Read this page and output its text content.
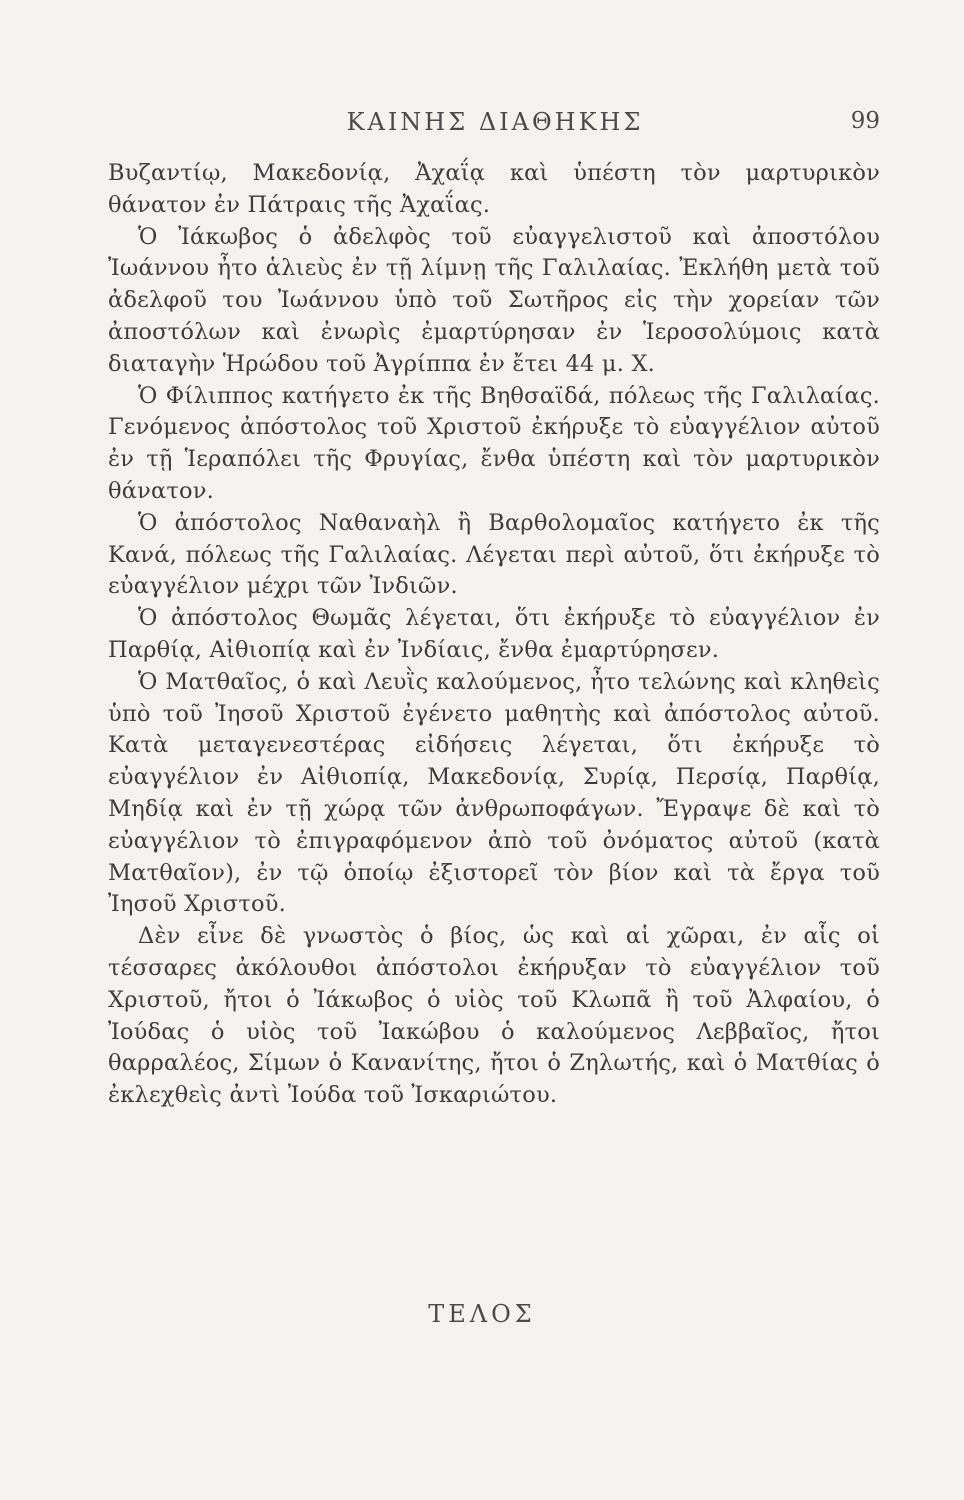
ΚΑΙΝΗΣ ΔΙΑΘΗΚΗΣ	99

Βυζαντίῳ, Μακεδονίᾳ, Ἀχαΐᾳ καὶ ὑπέστη τὸν μαρτυρικὸν θάνατον ἐν Πάτραις τῆς Ἀχαΐας.

Ὁ Ἰάκωβος ὁ ἀδελφὸς τοῦ εὐαγγελιστοῦ καὶ ἀποστόλου Ἰωάννου ἦτο ἁλιεὺς ἐν τῇ λίμνῃ τῆς Γαλιλαίας. Ἐκλήθη μετὰ τοῦ ἀδελφοῦ του Ἰωάννου ὑπὸ τοῦ Σωτῆρος εἰς τὴν χορείαν τῶν ἀποστόλων καὶ ἐνωρὶς ἐμαρτύρησαν ἐν Ἱεροσολύμοις κατὰ διαταγὴν Ἡρώδου τοῦ Ἀγρίππα ἐν ἔτει 44 μ. Χ.

Ὁ Φίλιππος κατήγετο ἐκ τῆς Βηθσαϊδά, πόλεως τῆς Γαλιλαίας. Γενόμενος ἀπόστολος τοῦ Χριστοῦ ἐκήρυξε τὸ εὐαγγέλιον αὐτοῦ ἐν τῇ Ἱεραπόλει τῆς Φρυγίας, ἔνθα ὑπέστη καὶ τὸν μαρτυρικὸν θάνατον.

Ὁ ἀπόστολος Ναθαναὴλ ἢ Βαρθολομαῖος κατήγετο ἐκ τῆς Κανά, πόλεως τῆς Γαλιλαίας. Λέγεται περὶ αὐτοῦ, ὅτι ἐκήρυξε τὸ εὐαγγέλιον μέχρι τῶν Ἰνδιῶν.

Ὁ ἀπόστολος Θωμᾶς λέγεται, ὅτι ἐκήρυξε τὸ εὐαγγέλιον ἐν Παρθίᾳ, Αἰθιοπίᾳ καὶ ἐν Ἰνδίαις, ἔνθα ἐμαρτύρησεν.

Ὁ Ματθαῖος, ὁ καὶ Λευῒς καλούμενος, ἦτο τελώνης καὶ κληθεὶς ὑπὸ τοῦ Ἰησοῦ Χριστοῦ ἐγένετο μαθητὴς καὶ ἀπόστολος αὐτοῦ. Κατὰ μεταγενεστέρας εἰδήσεις λέγεται, ὅτι ἐκήρυξε τὸ εὐαγγέλιον ἐν Αἰθιοπίᾳ, Μακεδονίᾳ, Συρίᾳ, Περσίᾳ, Παρθίᾳ, Μηδίᾳ καὶ ἐν τῇ χώρᾳ τῶν ἀνθρωποφάγων. Ἔγραψε δὲ καὶ τὸ εὐαγγέλιον τὸ ἐπιγραφόμενον ἀπὸ τοῦ ὀνόματος αὐτοῦ (κατὰ Ματθαῖον), ἐν τῷ ὁποίῳ ἐξιστορεῖ τὸν βίον καὶ τὰ ἔργα τοῦ Ἰησοῦ Χριστοῦ.

Δὲν εἶνε δὲ γνωστὸς ὁ βίος, ὡς καὶ αἱ χῶραι, ἐν αἷς οἱ τέσσαρες ἀκόλουθοι ἀπόστολοι ἐκήρυξαν τὸ εὐαγγέλιον τοῦ Χριστοῦ, ἤτοι ὁ Ἰάκωβος ὁ υἱὸς τοῦ Κλωπᾶ ἢ τοῦ Ἀλφαίου, ὁ Ἰούδας ὁ υἱὸς τοῦ Ἰακώβου ὁ καλούμενος Λεββαῖος, ἤτοι θαρραλέος, Σίμων ὁ Κανανίτης, ἤτοι ὁ Ζηλωτής, καὶ ὁ Ματθίας ὁ ἐκλεχθεὶς ἀντὶ Ἰούδα τοῦ Ἰσκαριώτου.

ΤΕΛΟΣ
